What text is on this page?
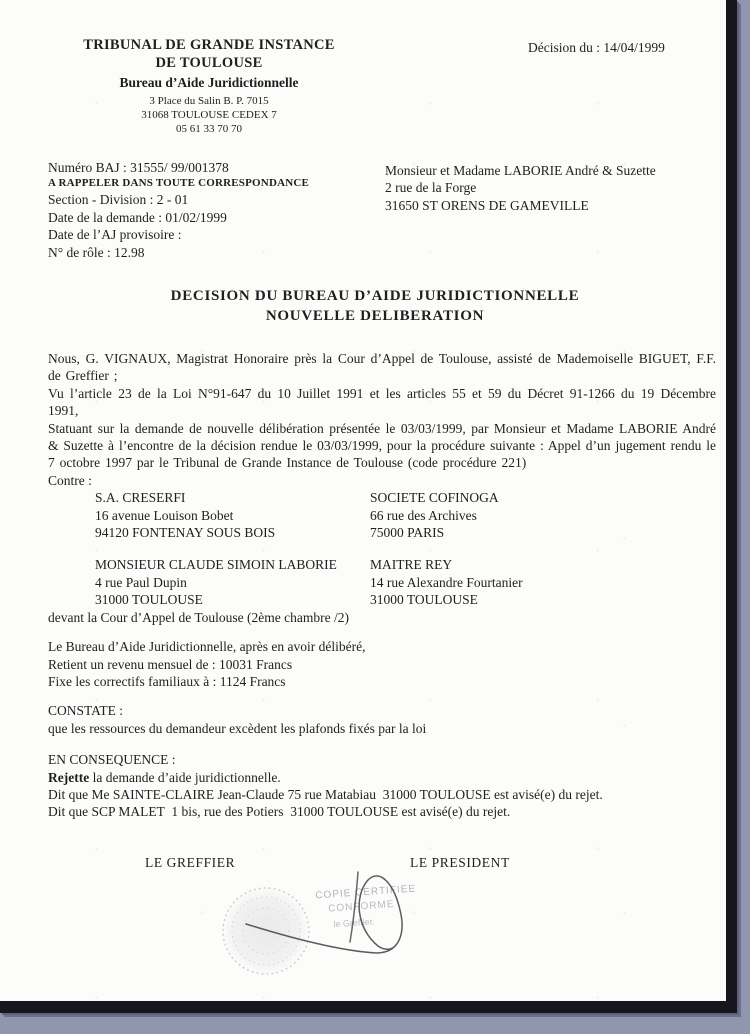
TRIBUNAL DE GRANDE INSTANCE
DE TOULOUSE
Bureau d’Aide Juridictionnelle
3 Place du Salin B. P. 7015
31068 TOULOUSE CEDEX 7
05 61 33 70 70
Décision du : 14/04/1999
Numéro BAJ : 31555/ 99/001378
A RAPPELER DANS TOUTE CORRESPONDANCE
Section - Division : 2 - 01
Date de la demande : 01/02/1999
Date de l’AJ provisoire :
N° de rôle : 12.98
Monsieur et Madame LABORIE André & Suzette
2 rue de la Forge
31650 ST ORENS DE GAMEVILLE
DECISION DU BUREAU D’AIDE JURIDICTIONNELLE
NOUVELLE DELIBERATION

Nous, G. VIGNAUX, Magistrat Honoraire près la Cour d’Appel de Toulouse, assisté de Mademoiselle BIGUET, F.F. de Greffier ;

Vu l’article 23 de la Loi N°91-647 du 10 Juillet 1991 et les articles 55 et 59 du Décret 91-1266 du 19 Décembre 1991,

Statuant sur la demande de nouvelle délibération présentée le 03/03/1999, par Monsieur et Madame LABORIE André & Suzette à l’encontre de la décision rendue le 03/03/1999, pour la procédure suivante : Appel d’un jugement rendu le 7 octobre 1997 par le Tribunal de Grande Instance de Toulouse (code procédure 221)

Contre :

S.A. CRESERFI
16 avenue Louison Bobet
94120 FONTENAY SOUS BOIS
SOCIETE COFINOGA
66 rue des Archives
75000 PARIS
MONSIEUR CLAUDE SIMOIN LABORIE
4 rue Paul Dupin
31000 TOULOUSE
MAITRE REY
14 rue Alexandre Fourtanier
31000 TOULOUSE

devant la Cour d’Appel de Toulouse (2ème chambre /2)

Le Bureau d’Aide Juridictionnelle, après en avoir délibéré,
Retient un revenu mensuel de : 10031 Francs
Fixe les correctifs familiaux à : 1124 Francs
CONSTATE :
que les ressources du demandeur excèdent les plafonds fixés par la loi
EN CONSEQUENCE :
Rejette la demande d’aide juridictionnelle.
Dit que Me SAINTE-CLAIRE Jean-Claude 75 rue Matabiau  31000 TOULOUSE est avisé(e) du rejet.
Dit que SCP MALET  1 bis, rue des Potiers  31000 TOULOUSE est avisé(e) du rejet.
LE GREFFIER	LE PRESIDENT
COPIE CERTIFIEE
CONFORME
le Greffier.
